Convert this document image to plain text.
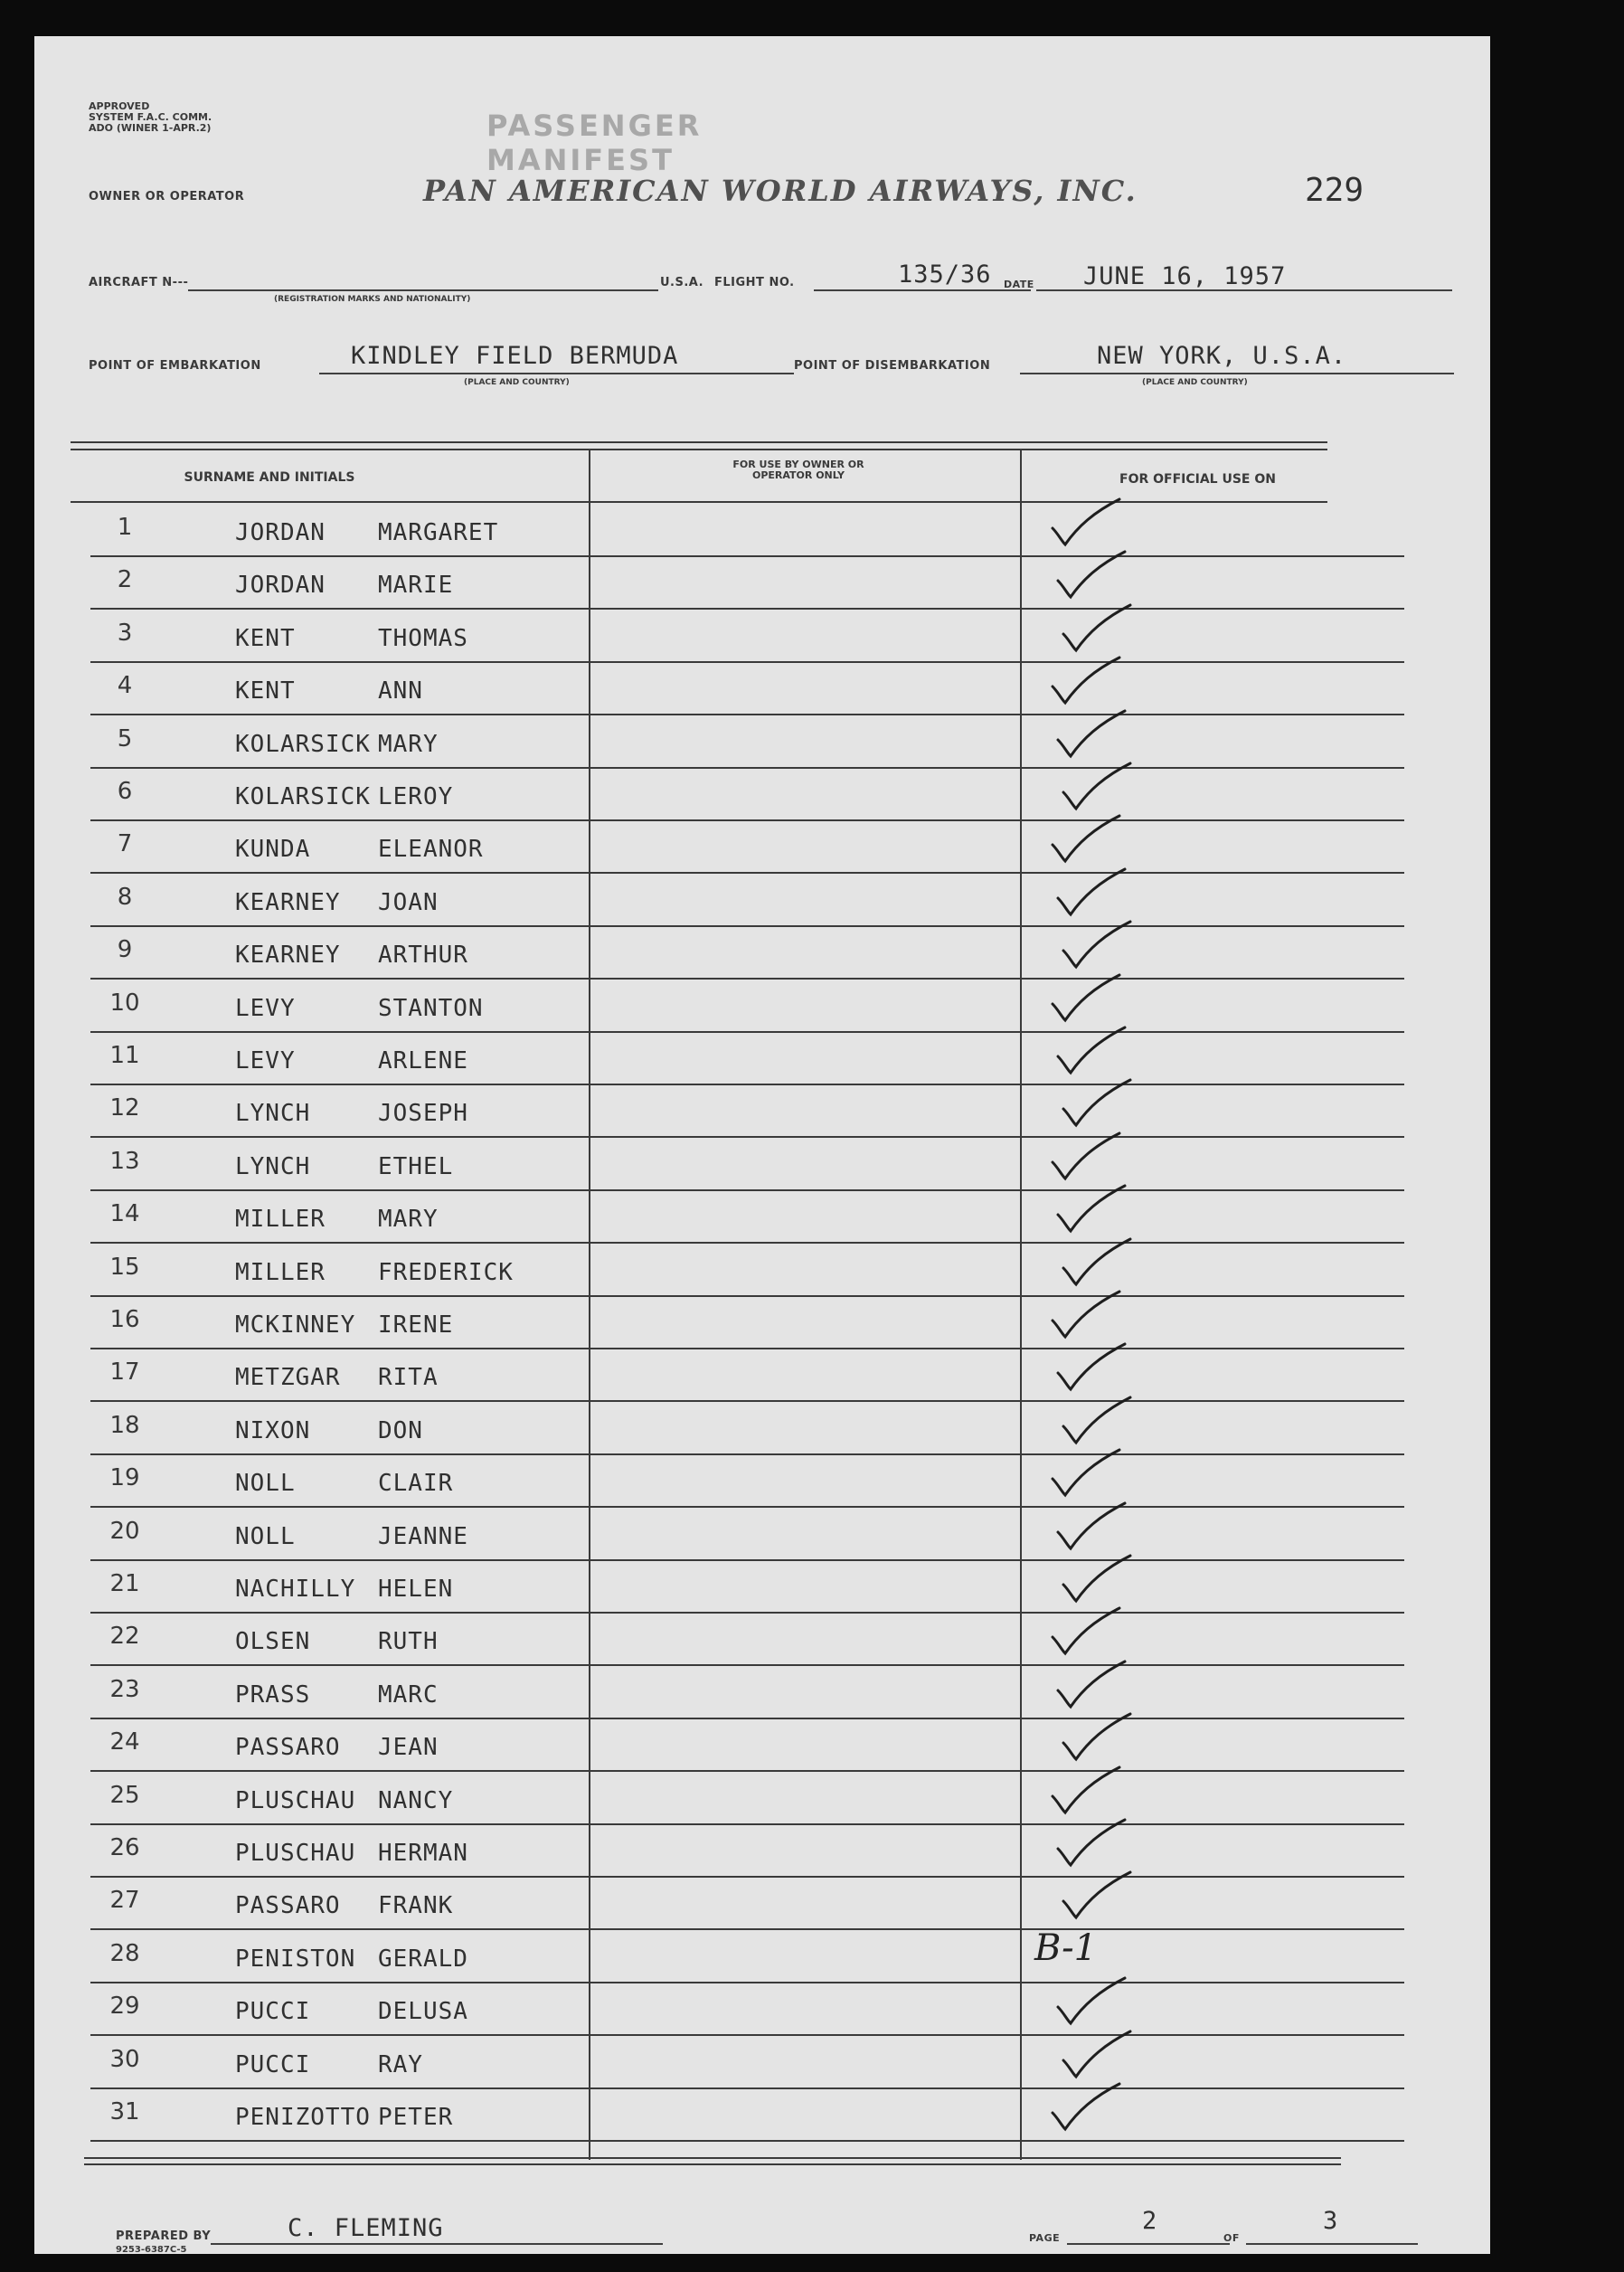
APPROVED
SYSTEM F.A.C. COMM.
ADO (WINER 1-APR.2)	PASSENGER MANIFEST
OWNER OR OPERATOR	PAN AMERICAN WORLD AIRWAYS, INC.	229
AIRCRAFT N---
(REGISTRATION MARKS AND NATIONALITY)
U.S.A. FLIGHT NO.	135/36 DATE JUNE 16, 1957
POINT OF EMBARKATION	KINDLEY FIELD BERMUDA
(PLACE AND COUNTRY)
POINT OF DISEMBARKATION	NEW YORK, U.S.A.
(PLACE AND COUNTRY)
SURNAME AND INITIALS
FOR USE BY OWNER OR OPERATOR ONLY	FOR OFFICIAL USE ON
1	JORDAN MARGARET
2	JORDAN MARIE
3	KENT	THOMAS
4	KENT	ANN
5	KOLARSICK MARY
6	KOLARSICK LEROY
7	KUNDA	ELEANOR
8	KEARNEY JOAN
9	KEARNEY ARTHUR
10	LEVY	STANTON
11	LEVY	ARLENE
12	LYNCH	JOSEPH
13	LYNCH	ETHEL
14	MILLER MARY
15	MILLER FREDERICK
16	MCKINNEY IRENE
17	METZGAR RITA
18	NIXON	DON
19	NOLL	CLAIR
20	NOLL	JEANNE
21	NACHILLY HELEN
22	OLSEN	RUTH
23	PRASS	MARC
24	PASSARO JEAN
25	PLUSCHAU NANCY
26	PLUSCHAU HERMAN
27	PASSARO FRANK
28	PENISTON GERALD	B-1
29	PUCCI	DELUSA
30	PUCCI	RAY
31	PENIZOTTO PETER
PREPARED BY	C. FLEMING
9253-6387C-5
PAGE
2
OF
3
